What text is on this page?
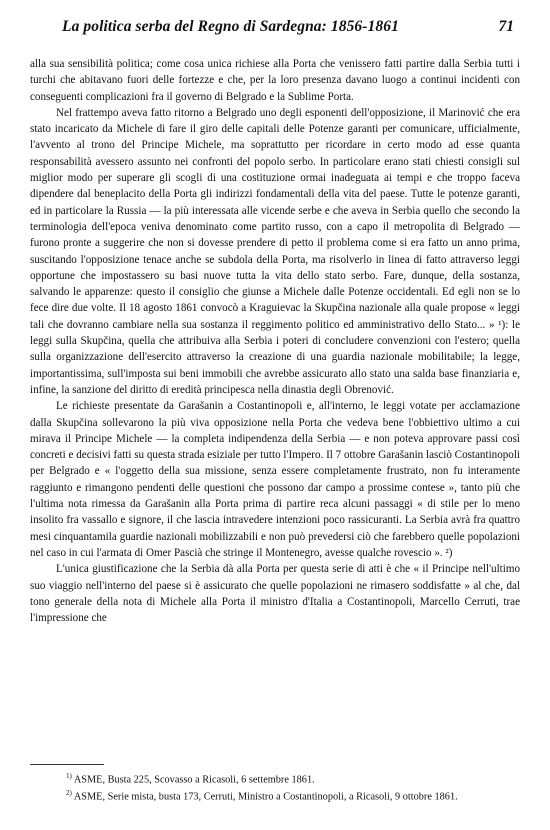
La politica serba del Regno di Sardegna: 1856-1861	71

alla sua sensibilità politica; come cosa unica richiese alla Porta che venissero fatti partire dalla Serbia tutti i turchi che abitavano fuori delle fortezze e che, per la loro presenza davano luogo a continui incidenti con conseguenti complicazioni fra il governo di Belgrado e la Sublime Porta.

Nel frattempo aveva fatto ritorno a Belgrado uno degli esponenti dell'opposizione, il Marinović che era stato incaricato da Michele di fare il giro delle capitali delle Potenze garanti per comunicare, ufficialmente, l'avvento al trono del Principe Michele, ma soprattutto per ricordare in certo modo ad esse quanta responsabilità avessero assunto nei confronti del popolo serbo. In particolare erano stati chiesti consigli sul miglior modo per superare gli scogli di una costituzione ormai inadeguata ai tempi e che troppo faceva dipendere dal beneplacito della Porta gli indirizzi fondamentali della vita del paese. Tutte le potenze garanti, ed in particolare la Russia — la più interessata alle vicende serbe e che aveva in Serbia quello che secondo la terminologia dell'epoca veniva denominato come partito russo, con a capo il metropolita di Belgrado — furono pronte a suggerire che non si dovesse prendere di petto il problema come si era fatto un anno prima, suscitando l'opposizione tenace anche se subdola della Porta, ma risolverlo in linea di fatto attraverso leggi opportune che impostassero su basi nuove tutta la vita dello stato serbo. Fare, dunque, della sostanza, salvando le apparenze: questo il consiglio che giunse a Michele dalle Potenze occidentali. Ed egli non se lo fece dire due volte. Il 18 agosto 1861 convocò a Kraguievac la Skupčina nazionale alla quale propose « leggi tali che dovranno cambiare nella sua sostanza il reggimento politico ed amministrativo dello Stato... » ¹): le leggi sulla Skupčina, quella che attribuiva alla Serbia i poteri di concludere convenzioni con l'estero; quella sulla organizzazione dell'esercito attraverso la creazione di una guardia nazionale mobilitabile; la legge, importantissima, sull'imposta sui beni immobili che avrebbe assicurato allo stato una salda base finanziaria e, infine, la sanzione del diritto di eredità principesca nella dinastia degli Obrenović.

Le richieste presentate da Garašanin a Costantinopoli e, all'interno, le leggi votate per acclamazione dalla Skupčina sollevarono la più viva opposizione nella Porta che vedeva bene l'obbiettivo ultimo a cui mirava il Principe Michele — la completa indipendenza della Serbia — e non poteva approvare passi così concreti e decisivi fatti su questa strada esiziale per tutto l'Impero. Il 7 ottobre Garašanin lasciò Costantinopoli per Belgrado e « l'oggetto della sua missione, senza essere completamente frustrato, non fu interamente raggiunto e rimangono pendenti delle questioni che possono dar campo a prossime contese », tanto più che l'ultima nota rimessa da Garašanin alla Porta prima di partire reca alcuni passaggi « di stile per lo meno insolito fra vassallo e signore, il che lascia intravedere intenzioni poco rassicuranti. La Serbia avrà fra quattro mesi cinquantamila guardie nazionali mobilizzabili e non può prevedersi ciò che farebbero quelle popolazioni nel caso in cui l'armata di Omer Pascià che stringe il Montenegro, avesse qualche rovescio ». ²)

L'unica giustificazione che la Serbia dà alla Porta per questa serie di atti è che « il Principe nell'ultimo suo viaggio nell'interno del paese si è assicurato che quelle popolazioni ne rimasero soddisfatte » al che, dal tono generale della nota di Michele alla Porta il ministro d'Italia a Costantinopoli, Marcello Cerruti, trae l'impressione che

$^{1)}$ ASME, Busta 225, Scovasso a Ricasoli, 6 settembre 1861.

$^{2)}$ ASME, Serie mista, busta 173, Cerruti, Ministro a Costantinopoli, a Ricasoli, 9 ottobre 1861.
